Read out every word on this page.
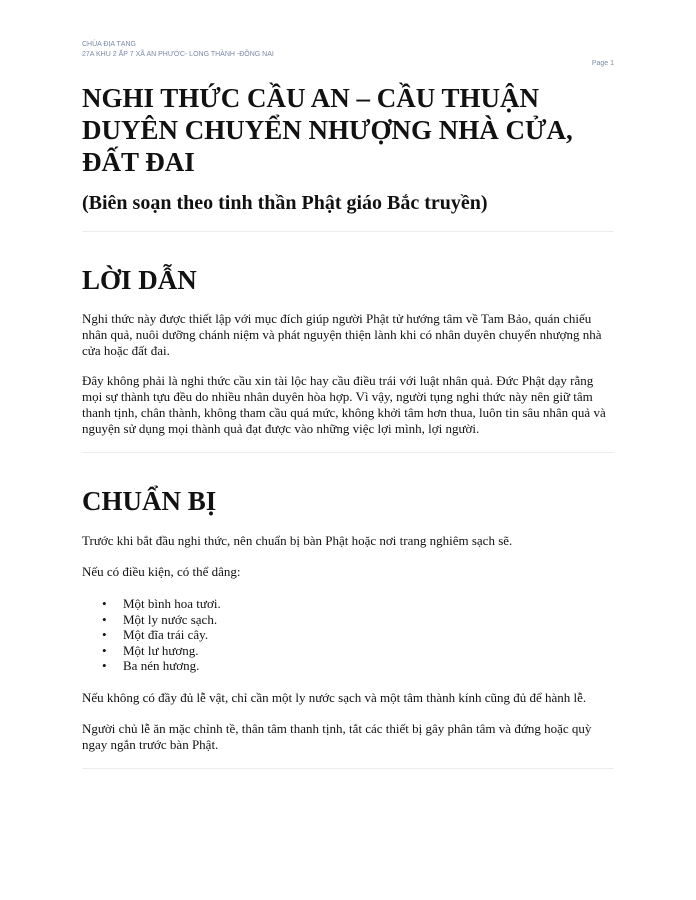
CHÙA ĐỊA TẠNG
27A KHU 2 ẤP 7 XÃ AN PHƯỚC- LONG THÀNH -ĐỒNG NAI
Page 1
NGHI THỨC CẦU AN – CẦU THUẬN DUYÊN CHUYỂN NHƯỢNG NHÀ CỬA, ĐẤT ĐAI
(Biên soạn theo tinh thần Phật giáo Bắc truyền)
LỜI DẪN

Nghi thức này được thiết lập với mục đích giúp người Phật tử hướng tâm về Tam Bảo, quán chiếu nhân quả, nuôi dưỡng chánh niệm và phát nguyện thiện lành khi có nhân duyên chuyển nhượng nhà cửa hoặc đất đai.

Đây không phải là nghi thức cầu xin tài lộc hay cầu điều trái với luật nhân quả. Đức Phật dạy rằng mọi sự thành tựu đều do nhiều nhân duyên hòa hợp. Vì vậy, người tụng nghi thức này nên giữ tâm thanh tịnh, chân thành, không tham cầu quá mức, không khởi tâm hơn thua, luôn tin sâu nhân quả và nguyện sử dụng mọi thành quả đạt được vào những việc lợi mình, lợi người.

CHUẨN BỊ

Trước khi bắt đầu nghi thức, nên chuẩn bị bàn Phật hoặc nơi trang nghiêm sạch sẽ.

Nếu có điều kiện, có thể dâng:

• Một bình hoa tươi.
• Một ly nước sạch.
• Một đĩa trái cây.
• Một lư hương.
• Ba nén hương.

Nếu không có đầy đủ lễ vật, chỉ cần một ly nước sạch và một tâm thành kính cũng đủ để hành lễ.

Người chủ lễ ăn mặc chỉnh tề, thân tâm thanh tịnh, tắt các thiết bị gây phân tâm và đứng hoặc quỳ ngay ngắn trước bàn Phật.
